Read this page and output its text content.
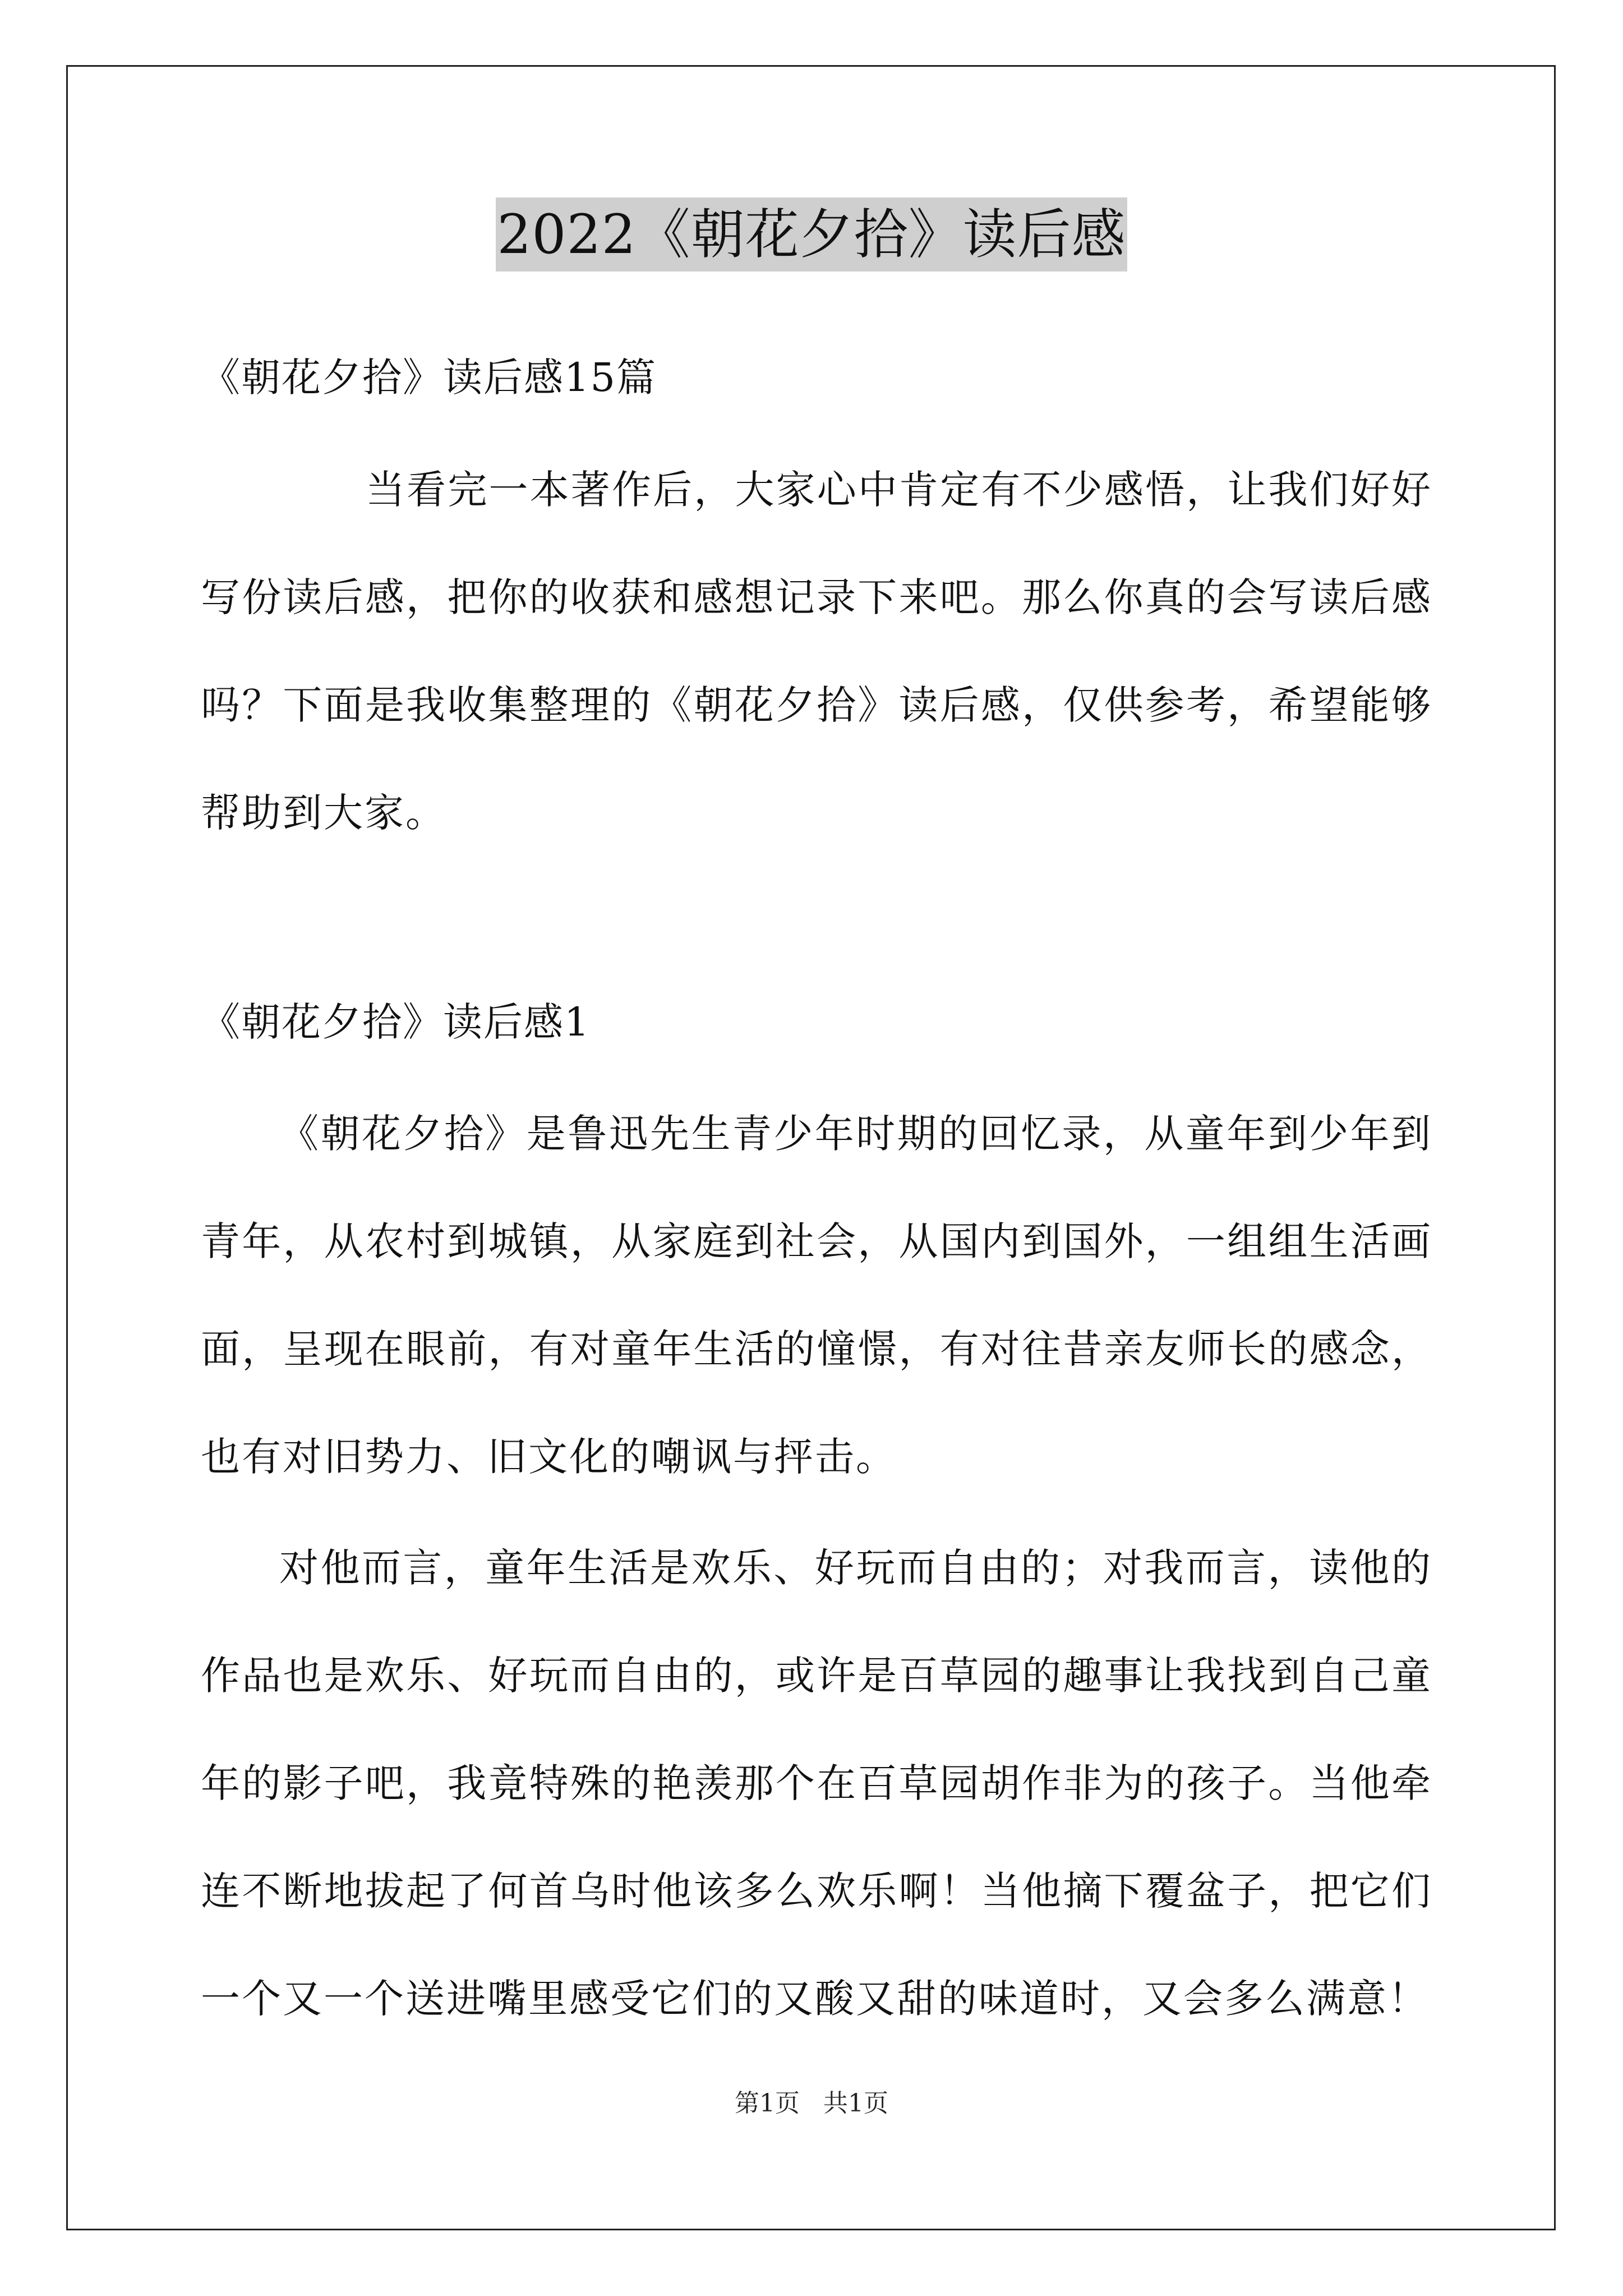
2022《朝花夕拾》读后感
《朝花夕拾》读后感15篇

当看完一本著作后，大家心中肯定有不少感悟，让我们好好写份读后感，把你的收获和感想记录下来吧。那么你真的会写读后感吗？下面是我收集整理的《朝花夕拾》读后感，仅供参考，希望能够帮助到大家。

《朝花夕拾》读后感1

《朝花夕拾》是鲁迅先生青少年时期的回忆录，从童年到少年到青年，从农村到城镇，从家庭到社会，从国内到国外，一组组生活画面，呈现在眼前，有对童年生活的憧憬，有对往昔亲友师长的感念，也有对旧势力、旧文化的嘲讽与抨击。

对他而言，童年生活是欢乐、好玩而自由的；对我而言，读他的作品也是欢乐、好玩而自由的，或许是百草园的趣事让我找到自己童年的影子吧，我竟特殊的艳羡那个在百草园胡作非为的孩子。当他牵连不断地拔起了何首乌时他该多么欢乐啊！当他摘下覆盆子，把它们一个又一个送进嘴里感受它们的又酸又甜的味道时，又会多么满意！

第1页   共1页
